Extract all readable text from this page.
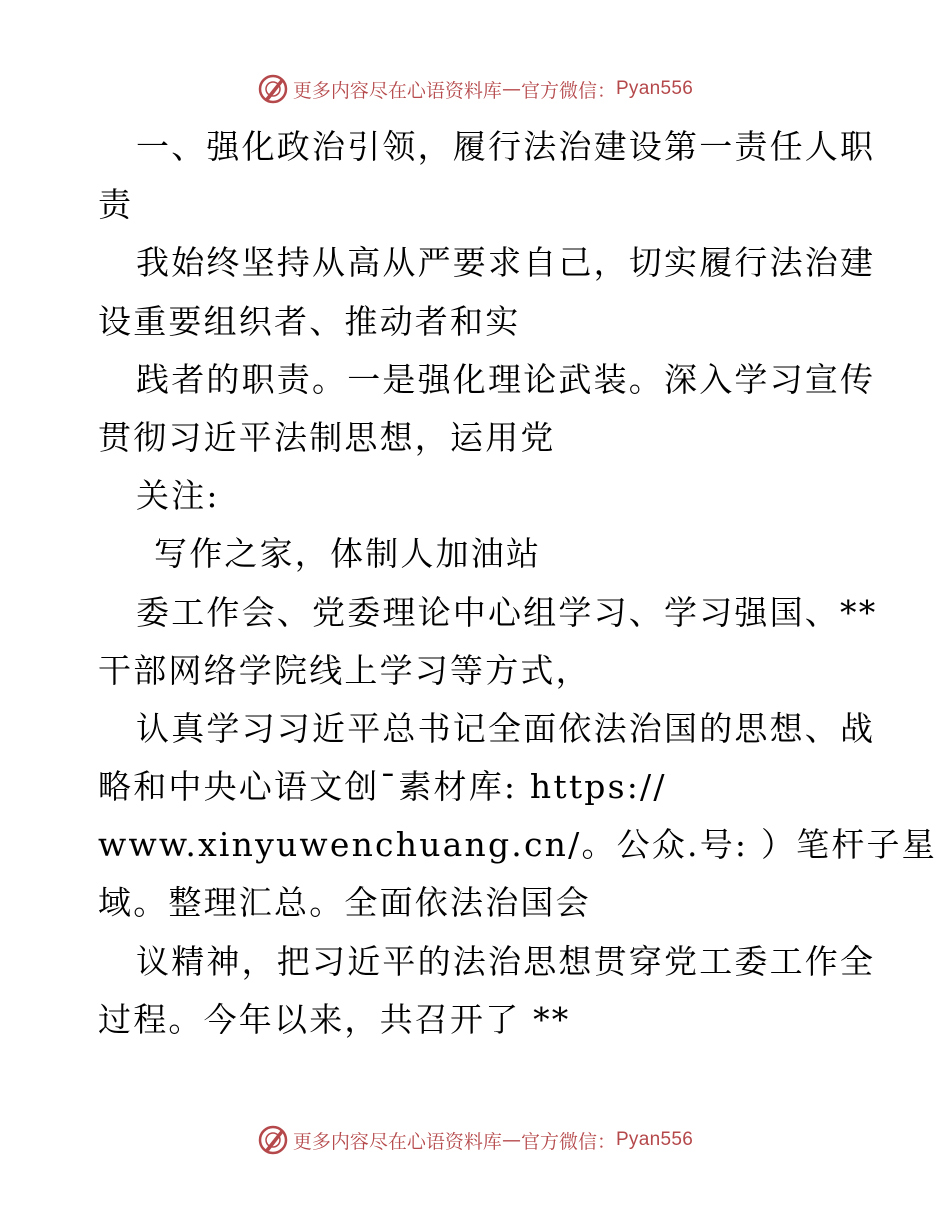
更多内容尽在心语资料库 — 官方微信： Pyan556
一、强化政治引领，履行法治建设第一责任人职
责
我始终坚持从高从严要求自己，切实履行法治建
设重要组织者、推动者和实
践者的职责。一是强化理论武装。深入学习宣传
贯彻习近平法制思想，运用党
关注:
写作之家，体制人加油站
委工作会、党委理论中心组学习、学习强国、**
干部网络学院线上学习等方式，
认真学习习近平总书记全面依法治国的思想、战
略和中央心语文创¯素材库: https://
www.xinyuwenchuang.cn/。公众.号: ）笔杆子星
域。整理汇总。全面依法治国会
议精神，把习近平的法治思想贯穿党工委工作全
过程。今年以来，共召开了 **
更多内容尽在心语资料库 — 官方微信： Pyan556
